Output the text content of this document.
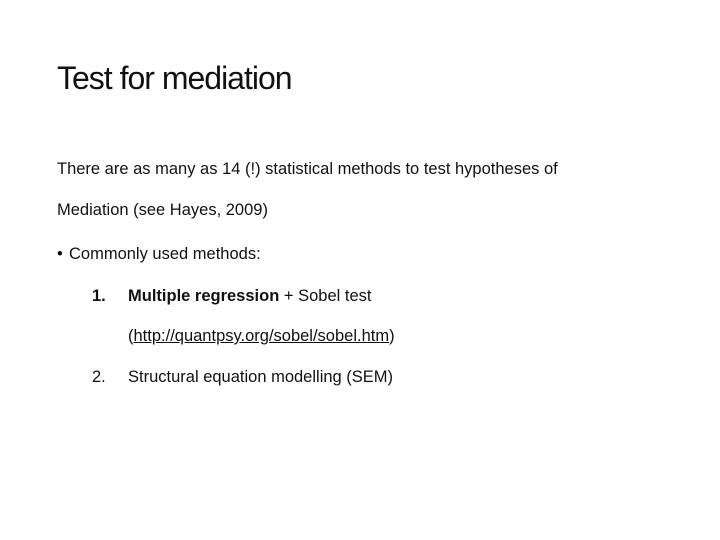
Test for mediation
There are as many as 14 (!) statistical methods to test hypotheses of
Mediation (see Hayes, 2009)
• Commonly used methods:
1. Multiple regression + Sobel test
(http://quantpsy.org/sobel/sobel.htm)
2. Structural equation modelling (SEM)
